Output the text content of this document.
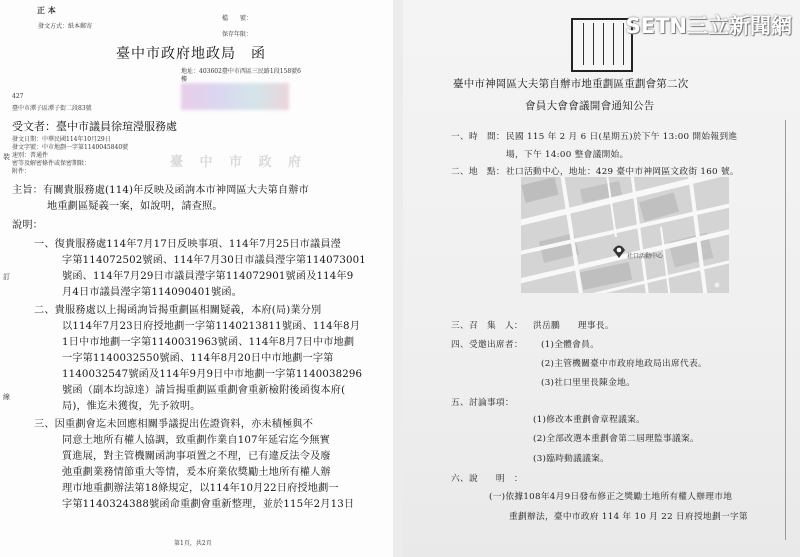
正 本
發文方式：紙本郵寄
檔　　號：
保存年限：
臺中市政府地政局　函
地址：403602臺中市西區三民路1段158號6
樓
427
臺中市潭子區潭子街二段83號
受文者：臺中市議員徐瑄瀅服務處
發文日期：中華民國114年10月29日
發文字號：中市地劃一字第1140045840號
速別：普通件
密等及解密條件或保密期限：
附件：
臺 中 市 政 府
主旨：有關貴服務處(114)年反映及函詢本市神岡區大夫第自辦市
地重劃區疑義一案，如說明，請查照。
說明：
一、復貴服務處114年7月17日反映事項、114年7月25日市議員瀅
字第114072502號函、114年7月30日市議員瀅字第114073001
號函、114年7月29日市議員瀅字第114072901號函及114年9
月4日市議員瀅字第114090401號函。
二、貴服務處以上揭函詢旨揭重劃區相關疑義，本府(局)業分別
以114年7月23日府授地劃一字第1140213811號函、114年8月
1日中市地劃一字第1140031963號函、114年8月7日中市地劃
一字第1140032550號函、114年8月20日中市地劃一字第
1140032547號函及114年9月9日中市地劃一字第1140038296
號函（副本均諒達）請旨揭重劃區重劃會重新檢附後函復本府(
局)，惟迄未獲復，先予敘明。
三、因重劃會迄未回應相關爭議提出佐證資料，亦未積極與不
同意土地所有權人協調，致重劃作業自107年延宕迄今無實
質進展，對主管機關函詢事項置之不理，已有違反法令及廢
弛重劃業務情節重大等情，爰本府業依獎勵土地所有權人辦
理市地重劃辦法第18條規定，以114年10月22日府授地劃一
字第1140324388號函命重劃會重新整理，並於115年2月13日
裝
訂
線
第1頁，共2頁
SETN三立新聞網
臺中市神岡區大夫第自辦市地重劃區重劃會第二次
會員大會會議開會通知公告
一、時　間： 民國 115 年 2 月 6 日(星期五)於下午 13:00 開始報到進
場，下午 14:00 整會議開始。
二、地　點： 社口活動中心，地址：429 臺中市神岡區文政街 160 號。
社口活動中心
三、召　集　人： 洪岳鵬　　理事長。
四、受邀出席者： (1)全體會員。
(2)主管機關臺中市政府地政局出席代表。
(3)社口里里長陳金地。
五、討論事項：
(1)修改本重劃會章程議案。
(2)全部改選本重劃會第二屆理監事議案。
(3)臨時動議議案。
六、說　　明　：
(一)依據108年4月9日發布修正之獎勵土地所有權人辦理市地
重劃辦法，臺中市政府 114 年 10 月 22 日府授地劃一字第
